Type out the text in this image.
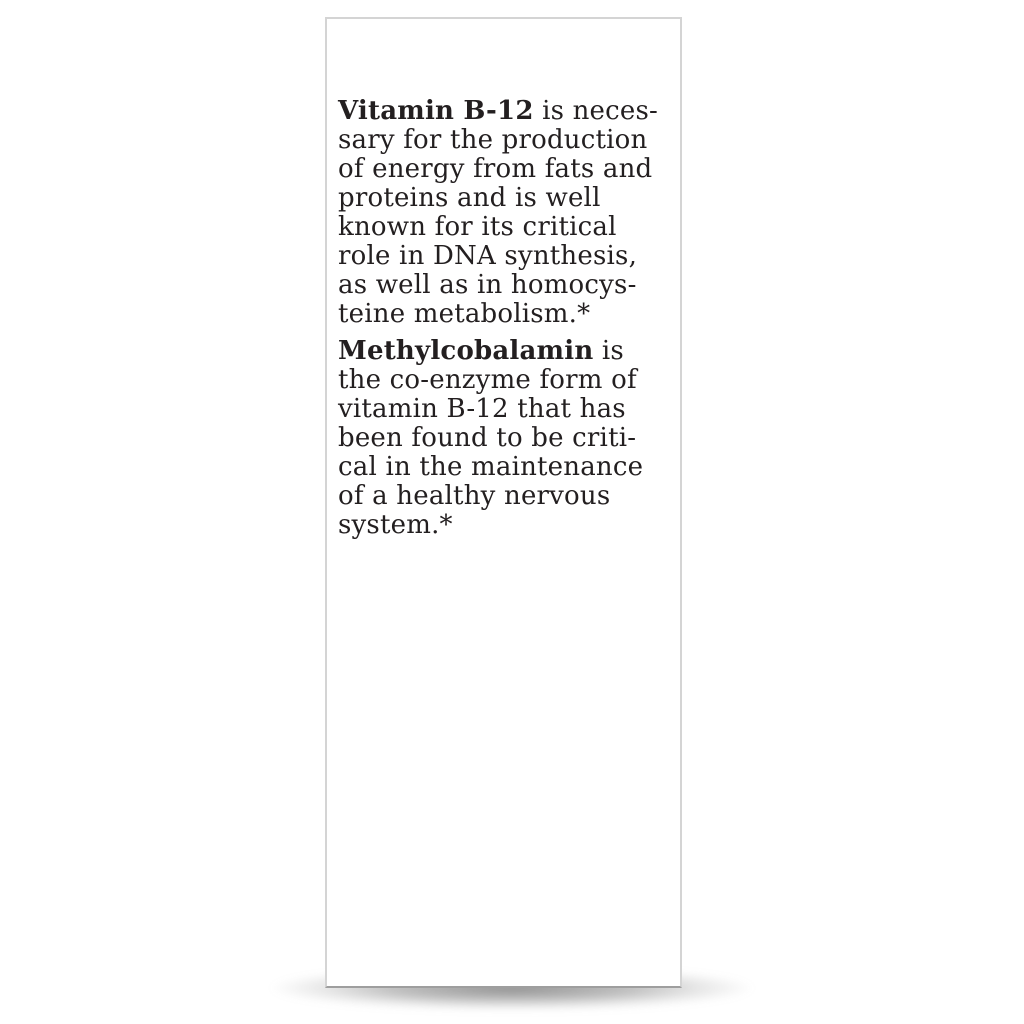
Vitamin B-12 is neces-
sary for the production
of energy from fats and
proteins and is well
known for its critical
role in DNA synthesis,
as well as in homocys-
teine metabolism.*
Methylcobalamin is
the co-enzyme form of
vitamin B-12 that has
been found to be criti-
cal in the maintenance
of a healthy nervous
system.*
